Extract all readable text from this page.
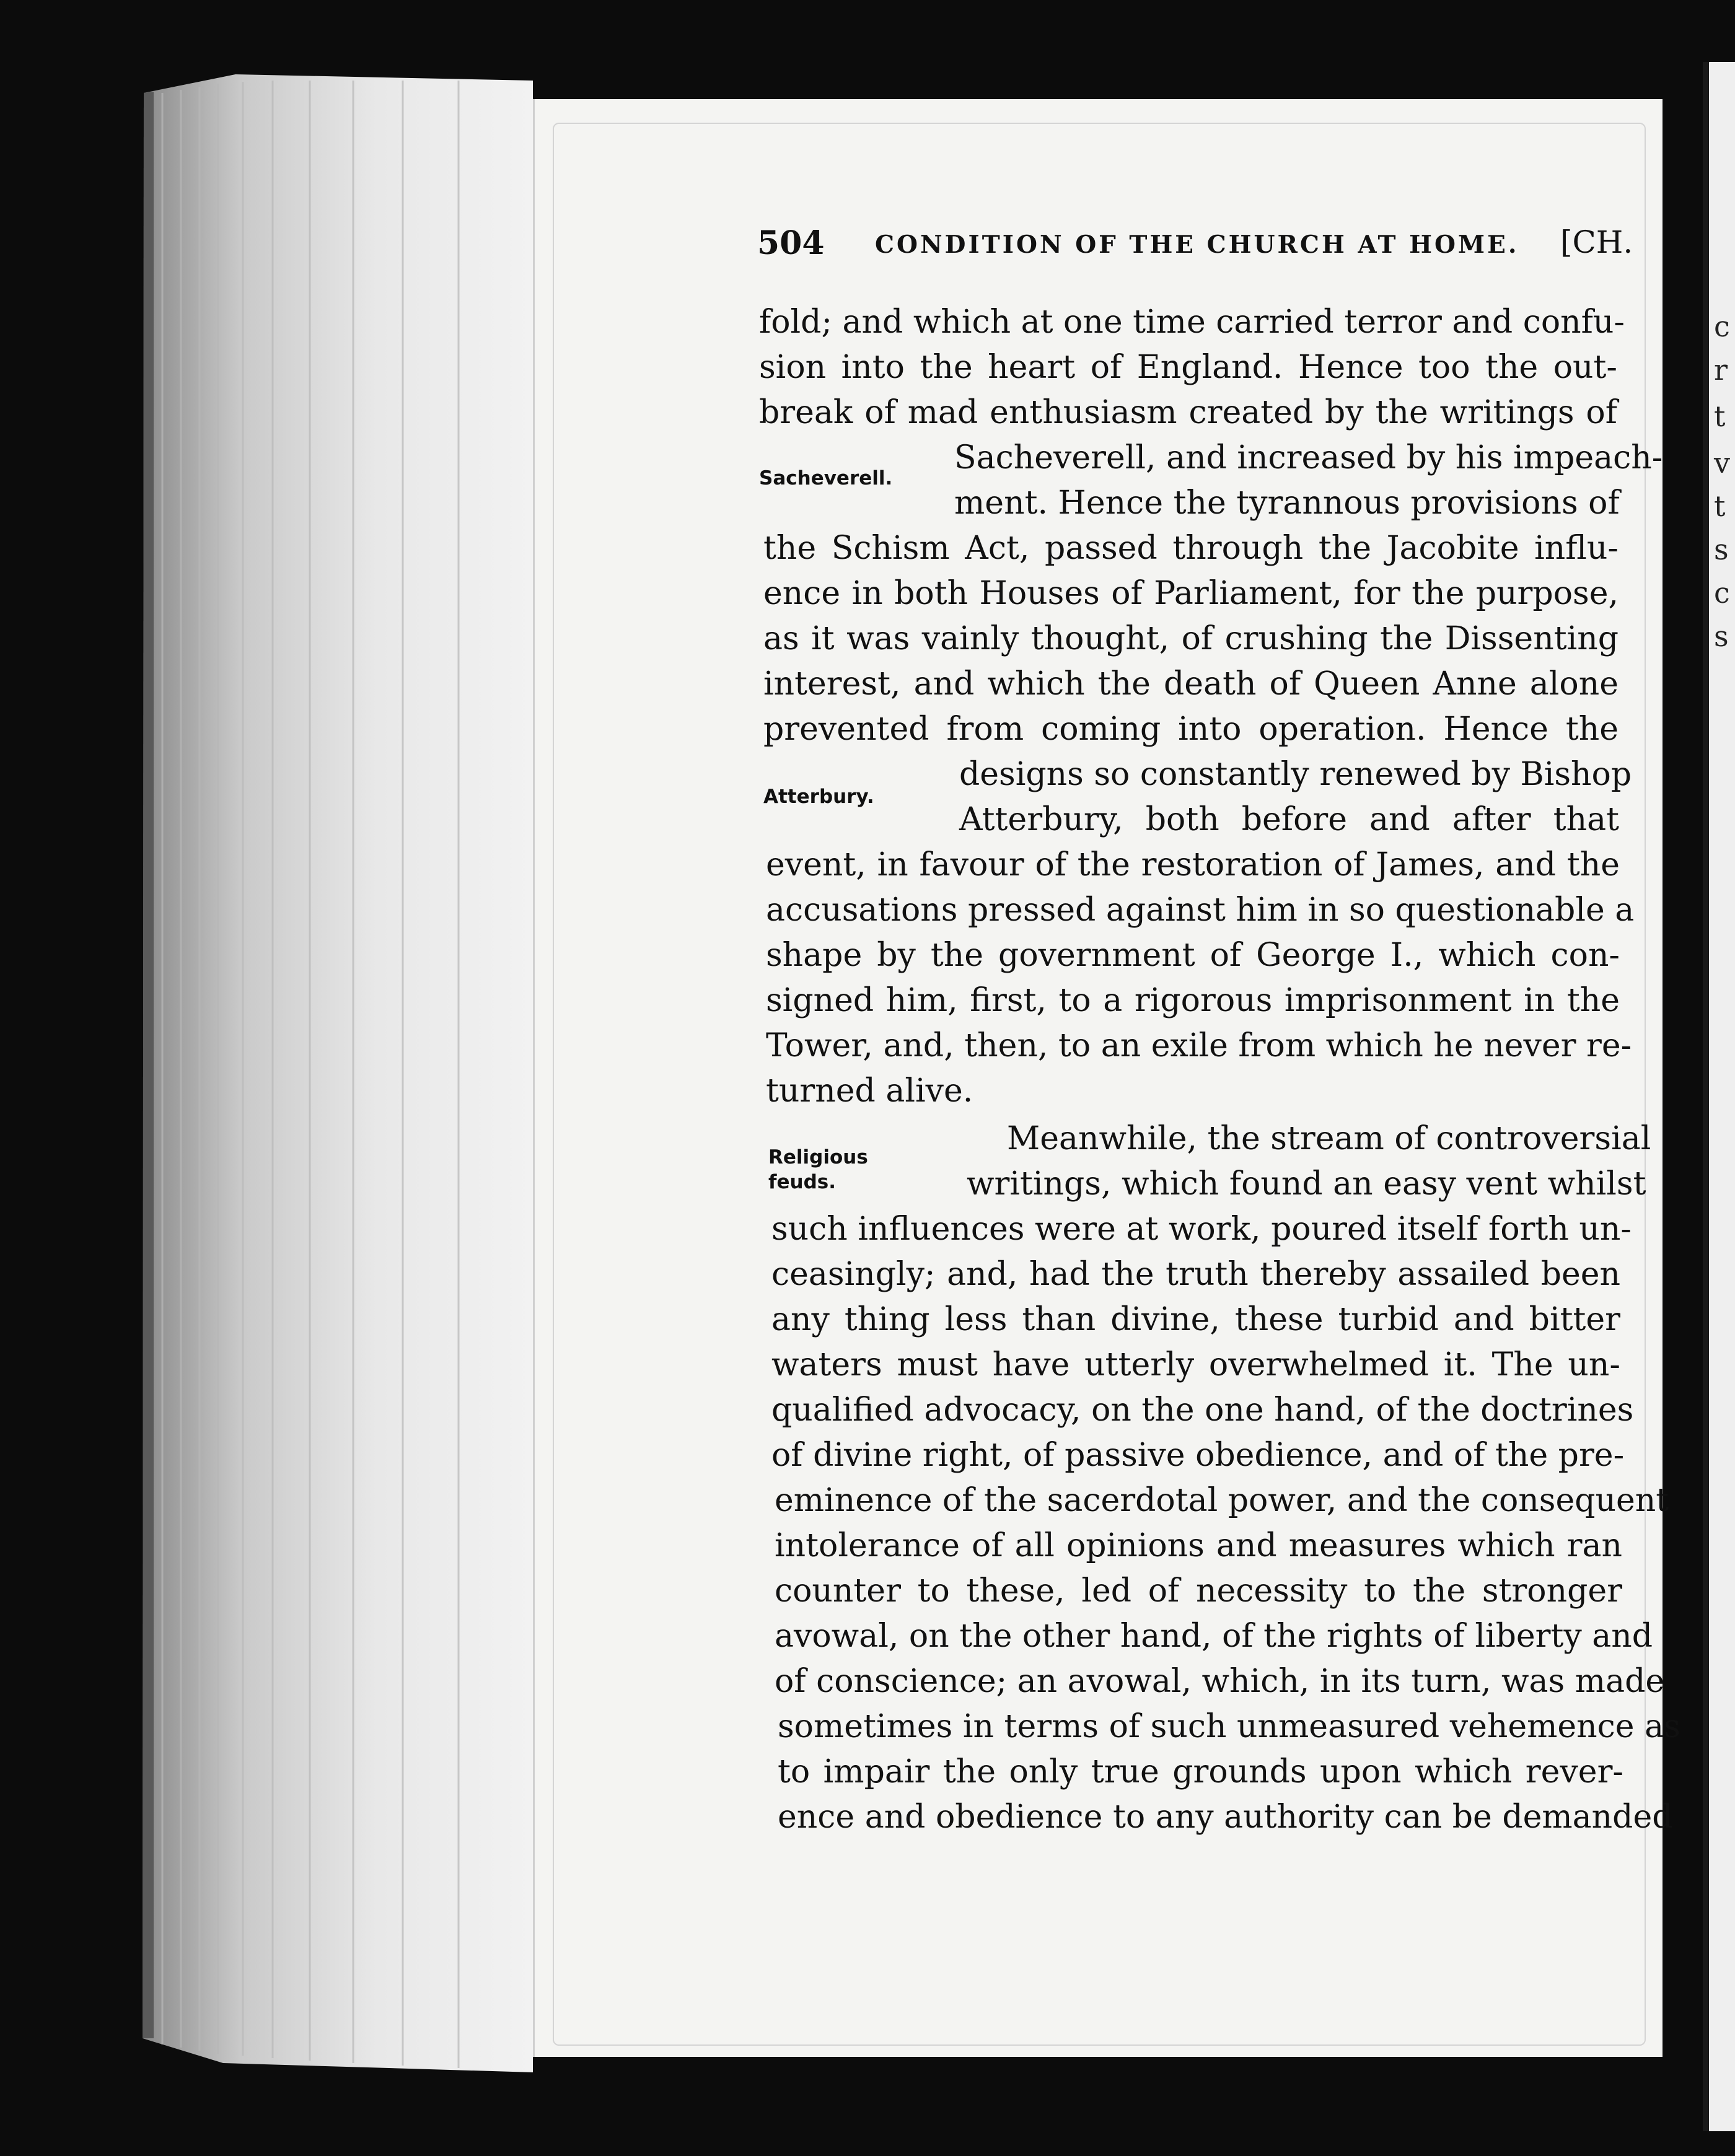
504 CONDITION OF THE CHURCH AT HOME. [CH.
Sacheverell.
Atterbury.
Religious
feuds.
fold; and which at one time carried terror and confu-
sion into the heart of England. Hence too the out-
break of mad enthusiasm created by the writings of
Sacheverell, and increased by his impeach-
ment. Hence the tyrannous provisions of
the Schism Act, passed through the Jacobite influ-
ence in both Houses of Parliament, for the purpose,
as it was vainly thought, of crushing the Dissenting
interest, and which the death of Queen Anne alone
prevented from coming into operation. Hence the
designs so constantly renewed by Bishop
Atterbury, both before and after that
event, in favour of the restoration of James, and the
accusations pressed against him in so questionable a
shape by the government of George I., which con-
signed him, first, to a rigorous imprisonment in the
Tower, and, then, to an exile from which he never re-
turned alive.
Meanwhile, the stream of controversial
writings, which found an easy vent whilst
such influences were at work, poured itself forth un-
ceasingly; and, had the truth thereby assailed been
any thing less than divine, these turbid and bitter
waters must have utterly overwhelmed it. The un-
qualified advocacy, on the one hand, of the doctrines
of divine right, of passive obedience, and of the pre-
eminence of the sacerdotal power, and the consequent
intolerance of all opinions and measures which ran
counter to these, led of necessity to the stronger
avowal, on the other hand, of the rights of liberty and
of conscience; an avowal, which, in its turn, was made
sometimes in terms of such unmeasured vehemence as
to impair the only true grounds upon which rever-
ence and obedience to any authority can be demanded
c
r
t
v
t
s
c
s
